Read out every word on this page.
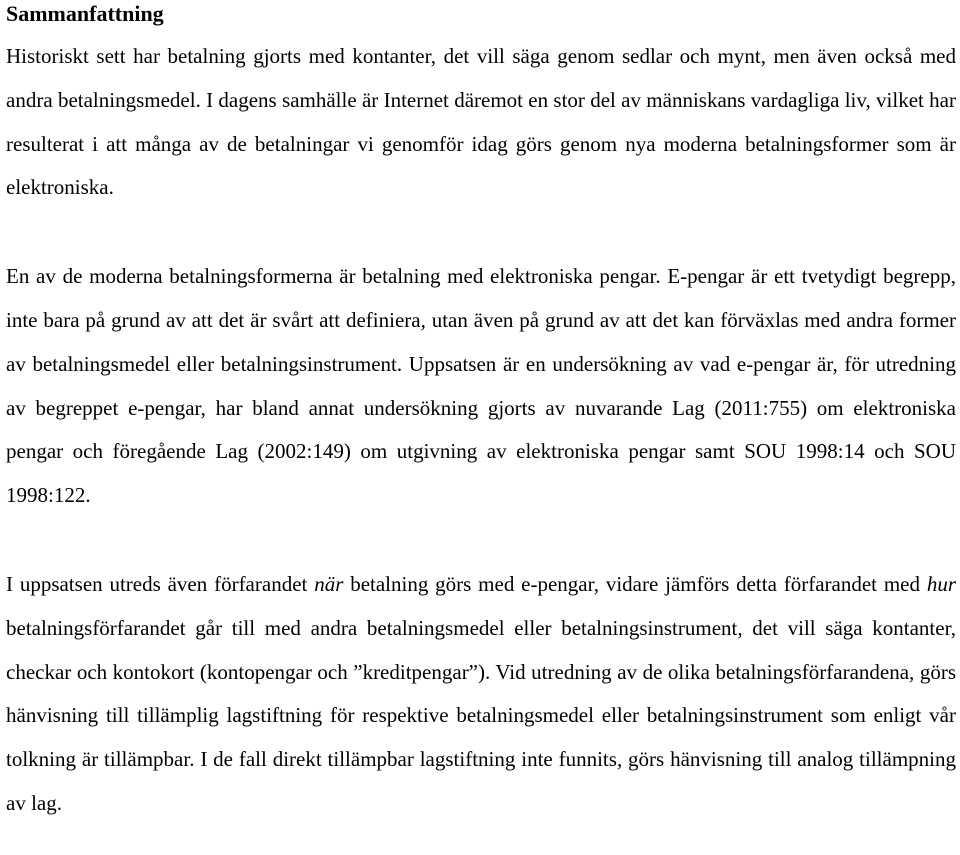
Sammanfattning

Historiskt sett har betalning gjorts med kontanter, det vill säga genom sedlar och mynt, men även också med andra betalningsmedel. I dagens samhälle är Internet däremot en stor del av människans vardagliga liv, vilket har resulterat i att många av de betalningar vi genomför idag görs genom nya moderna betalningsformer som är elektroniska.

En av de moderna betalningsformerna är betalning med elektroniska pengar. E-pengar är ett tvetydigt begrepp, inte bara på grund av att det är svårt att definiera, utan även på grund av att det kan förväxlas med andra former av betalningsmedel eller betalningsinstrument. Uppsatsen är en undersökning av vad e-pengar är, för utredning av begreppet e-pengar, har bland annat undersökning gjorts av nuvarande Lag (2011:755) om elektroniska pengar och föregående Lag (2002:149) om utgivning av elektroniska pengar samt SOU 1998:14 och SOU 1998:122.

I uppsatsen utreds även förfarandet när betalning görs med e-pengar, vidare jämförs detta förfarandet med hur betalningsförfarandet går till med andra betalningsmedel eller betalningsinstrument, det vill säga kontanter, checkar och kontokort (kontopengar och ”kreditpengar”). Vid utredning av de olika betalningsförfarandena, görs hänvisning till tillämplig lagstiftning för respektive betalningsmedel eller betalningsinstrument som enligt vår tolkning är tillämpbar. I de fall direkt tillämpbar lagstiftning inte funnits, görs hänvisning till analog tillämpning av lag.
